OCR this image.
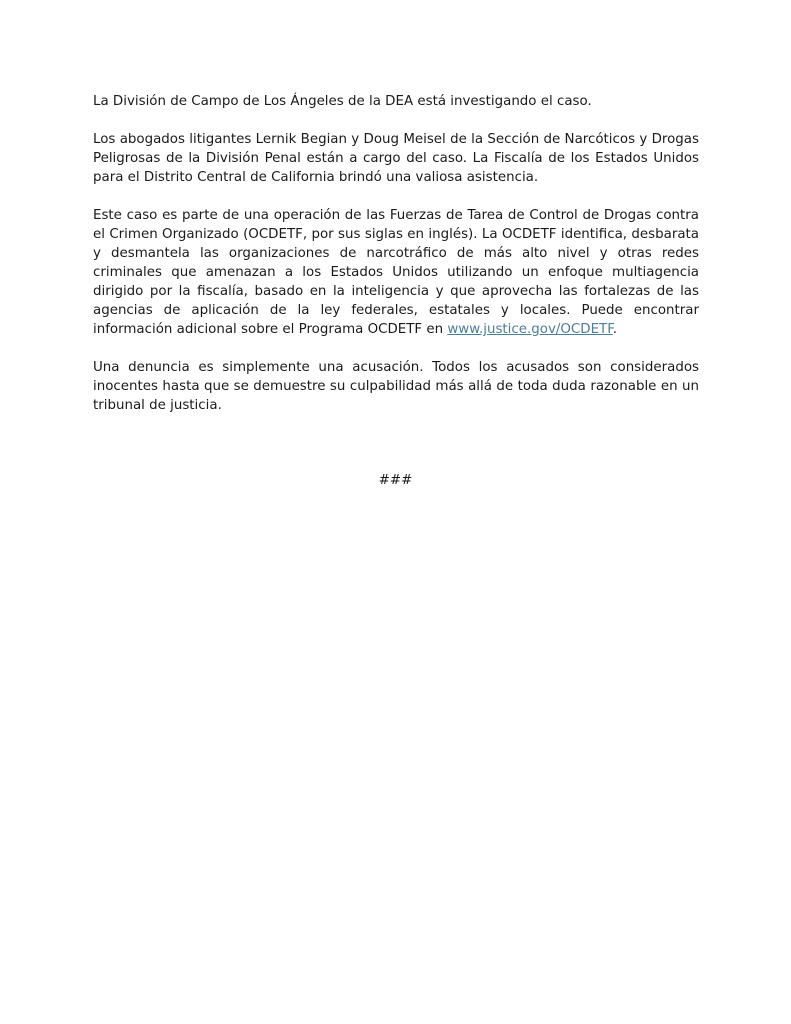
La División de Campo de Los Ángeles de la DEA está investigando el caso.

Los abogados litigantes Lernik Begian y Doug Meisel de la Sección de Narcóticos y Drogas Peligrosas de la División Penal están a cargo del caso. La Fiscalía de los Estados Unidos para el Distrito Central de California brindó una valiosa asistencia.

Este caso es parte de una operación de las Fuerzas de Tarea de Control de Drogas contra el Crimen Organizado (OCDETF, por sus siglas en inglés). La OCDETF identifica, desbarata y desmantela las organizaciones de narcotráfico de más alto nivel y otras redes criminales que amenazan a los Estados Unidos utilizando un enfoque multiagencia dirigido por la fiscalía, basado en la inteligencia y que aprovecha las fortalezas de las agencias de aplicación de la ley federales, estatales y locales. Puede encontrar información adicional sobre el Programa OCDETF en www.justice.gov/OCDETF.

Una denuncia es simplemente una acusación. Todos los acusados son considerados inocentes hasta que se demuestre su culpabilidad más allá de toda duda razonable en un tribunal de justicia.

###
